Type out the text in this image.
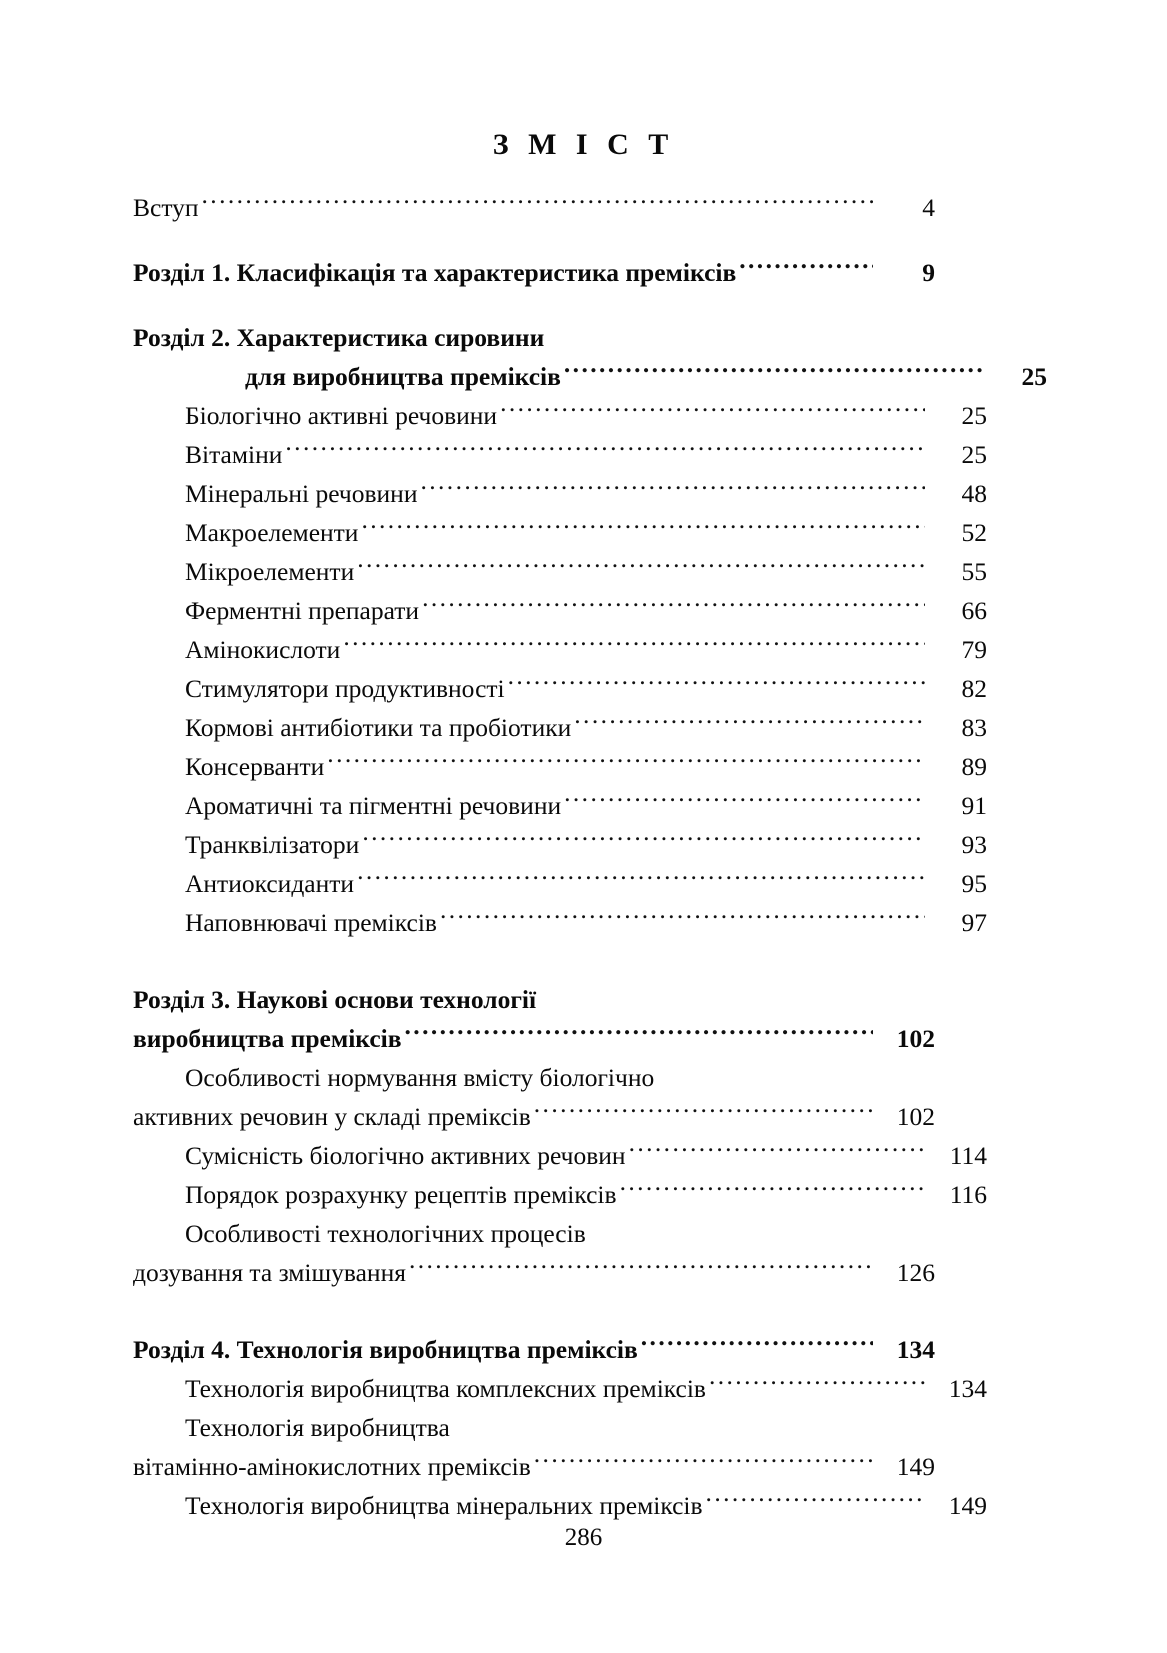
З М І С Т
Вступ .....	4
Розділ 1. Класифікація та характеристика преміксів .....	9
Розділ 2. Характеристика сировини
для виробництва преміксів .....	25
Біологічно активні речовини .....	25
Вітаміни .....	25
Мінеральні речовини .....	48
Макроелементи .....	52
Мікроелементи .....	55
Ферментні препарати .....	66
Амінокислоти .....	79
Стимулятори продуктивності .....	82
Кормові антибіотики та пробіотики .....	83
Консерванти .....	89
Ароматичні та пігментні речовини .....	91
Транквілізатори .....	93
Антиоксиданти .....	95
Наповнювачі преміксів .....	97
Розділ 3. Наукові основи технології
виробництва преміксів .....	102
Особливості нормування вмісту біологічно
активних речовин у складі преміксів .....	102
Сумісність біологічно активних речовин .....	114
Порядок розрахунку рецептів преміксів .....	116
Особливості технологічних процесів
дозування та змішування .....	126
Розділ 4. Технологія виробництва преміксів .....	134
Технологія виробництва комплексних преміксів .....	134
Технологія виробництва
вітамінно-амінокислотних преміксів .....	149
Технологія виробництва мінеральних преміксів .....	149
286
